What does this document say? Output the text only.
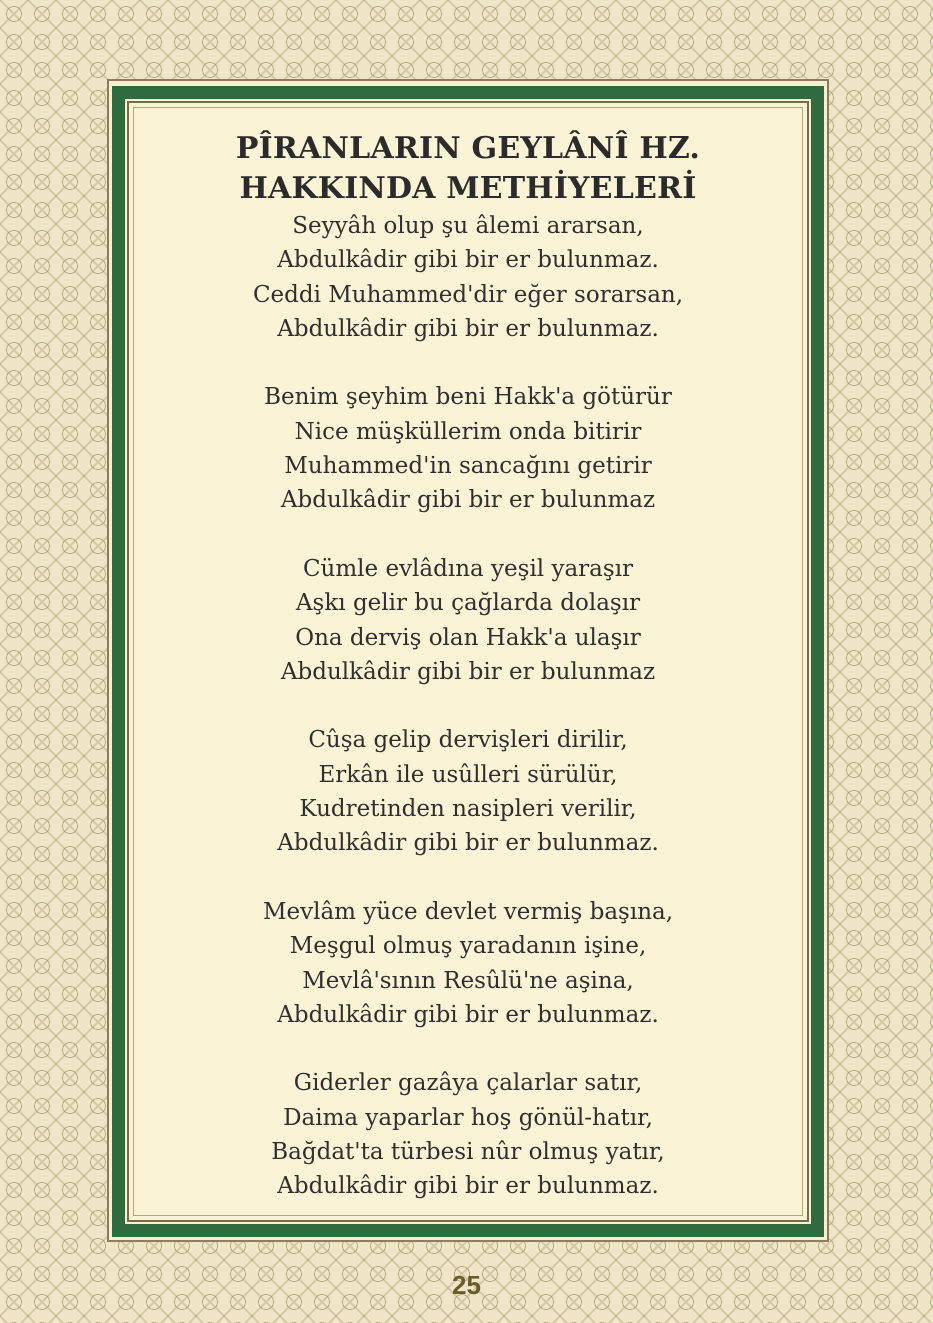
PÎRANLARIN GEYLÂNÎ HZ.
HAKKINDA METHİYELERİ

Seyyâh olup şu âlemi ararsan,
Abdulkâdir gibi bir er bulunmaz.
Ceddi Muhammed'dir eğer sorarsan,
Abdulkâdir gibi bir er bulunmaz.

Benim şeyhim beni Hakk'a götürür
Nice müşküllerim onda bitirir
Muhammed'in sancağını getirir
Abdulkâdir gibi bir er bulunmaz

Cümle evlâdına yeşil yaraşır
Aşkı gelir bu çağlarda dolaşır
Ona derviş olan Hakk'a ulaşır
Abdulkâdir gibi bir er bulunmaz

Cûşa gelip dervişleri dirilir,
Erkân ile usûlleri sürülür,
Kudretinden nasipleri verilir,
Abdulkâdir gibi bir er bulunmaz.

Mevlâm yüce devlet vermiş başına,
Meşgul olmuş yaradanın işine,
Mevlâ'sının Resûlü'ne aşina,
Abdulkâdir gibi bir er bulunmaz.

Giderler gazâya çalarlar satır,
Daima yaparlar hoş gönül-hatır,
Bağdat'ta türbesi nûr olmuş yatır,
Abdulkâdir gibi bir er bulunmaz.

25
